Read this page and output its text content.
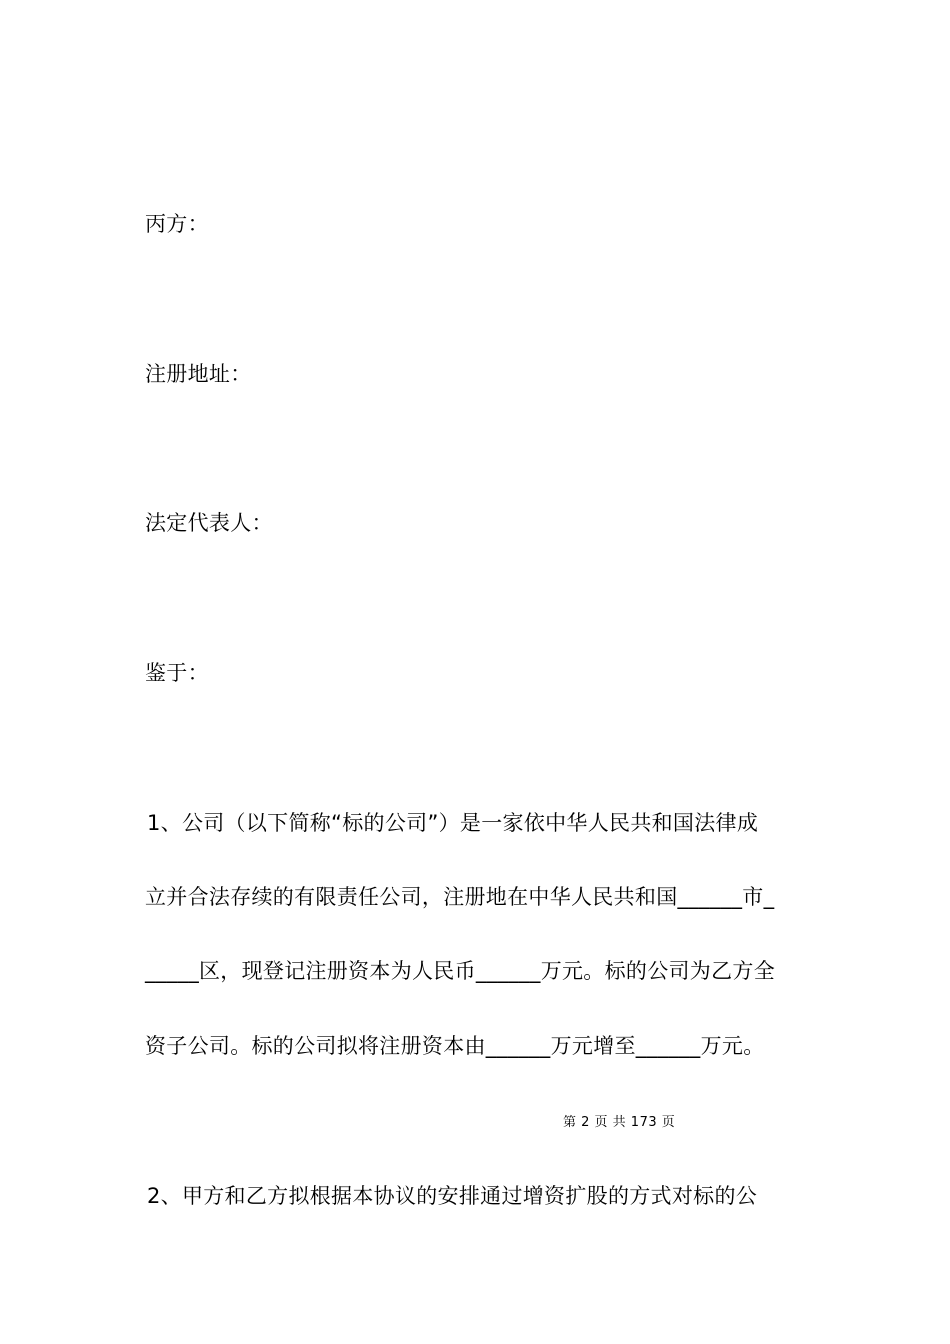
丙方：
注册地址：
法定代表人：
鉴于：
1、公司（以下简称“标的公司”）是一家依中华人民共和国法律成
立并合法存续的有限责任公司，注册地在中华人民共和国______市_
_____区，现登记注册资本为人民币______万元。标的公司为乙方全
资子公司。标的公司拟将注册资本由______万元增至______万元。
第 2 页 共 173 页
2、甲方和乙方拟根据本协议的安排通过增资扩股的方式对标的公
